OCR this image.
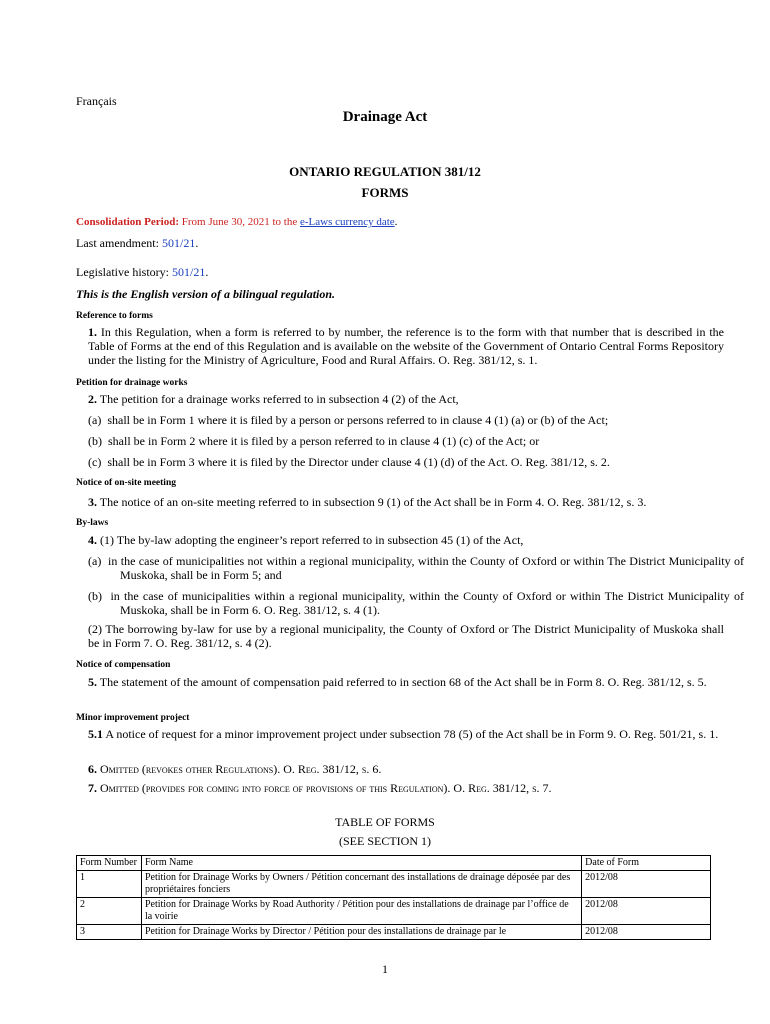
Français
Drainage Act
ONTARIO REGULATION 381/12
FORMS

Consolidation Period: From June 30, 2021 to the e-Laws currency date.

Last amendment: 501/21.

Legislative history: 501/21.

This is the English version of a bilingual regulation.

Reference to forms

1. In this Regulation, when a form is referred to by number, the reference is to the form with that number that is described in the Table of Forms at the end of this Regulation and is available on the website of the Government of Ontario Central Forms Repository under the listing for the Ministry of Agriculture, Food and Rural Affairs. O. Reg. 381/12, s. 1.

Petition for drainage works

2. The petition for a drainage works referred to in subsection 4 (2) of the Act,

(a)  shall be in Form 1 where it is filed by a person or persons referred to in clause 4 (1) (a) or (b) of the Act;

(b)  shall be in Form 2 where it is filed by a person referred to in clause 4 (1) (c) of the Act; or

(c)  shall be in Form 3 where it is filed by the Director under clause 4 (1) (d) of the Act. O. Reg. 381/12, s. 2.

Notice of on-site meeting

3. The notice of an on-site meeting referred to in subsection 9 (1) of the Act shall be in Form 4. O. Reg. 381/12, s. 3.

By-laws

4. (1) The by-law adopting the engineer’s report referred to in subsection 45 (1) of the Act,

(a)  in the case of municipalities not within a regional municipality, within the County of Oxford or within The District Municipality of Muskoka, shall be in Form 5; and

(b)  in the case of municipalities within a regional municipality, within the County of Oxford or within The District Municipality of Muskoka, shall be in Form 6. O. Reg. 381/12, s. 4 (1).

(2) The borrowing by-law for use by a regional municipality, the County of Oxford or The District Municipality of Muskoka shall be in Form 7. O. Reg. 381/12, s. 4 (2).

Notice of compensation

5. The statement of the amount of compensation paid referred to in section 68 of the Act shall be in Form 8. O. Reg. 381/12, s. 5.

Minor improvement project

5.1 A notice of request for a minor improvement project under subsection 78 (5) of the Act shall be in Form 9. O. Reg. 501/21, s. 1.

6. Omitted (revokes other Regulations). O. Reg. 381/12, s. 6.

7. Omitted (provides for coming into force of provisions of this Regulation). O. Reg. 381/12, s. 7.

TABLE OF FORMS
(SEE SECTION 1)
Form Number	Form Name	Date of Form
1	Petition for Drainage Works by Owners / Pétition concernant des installations de drainage déposée par des propriétaires fonciers	2012/08
2	Petition for Drainage Works by Road Authority / Pétition pour des installations de drainage par l’office de la voirie	2012/08
3	Petition for Drainage Works by Director / Pétition pour des installations de drainage par le	2012/08
1
